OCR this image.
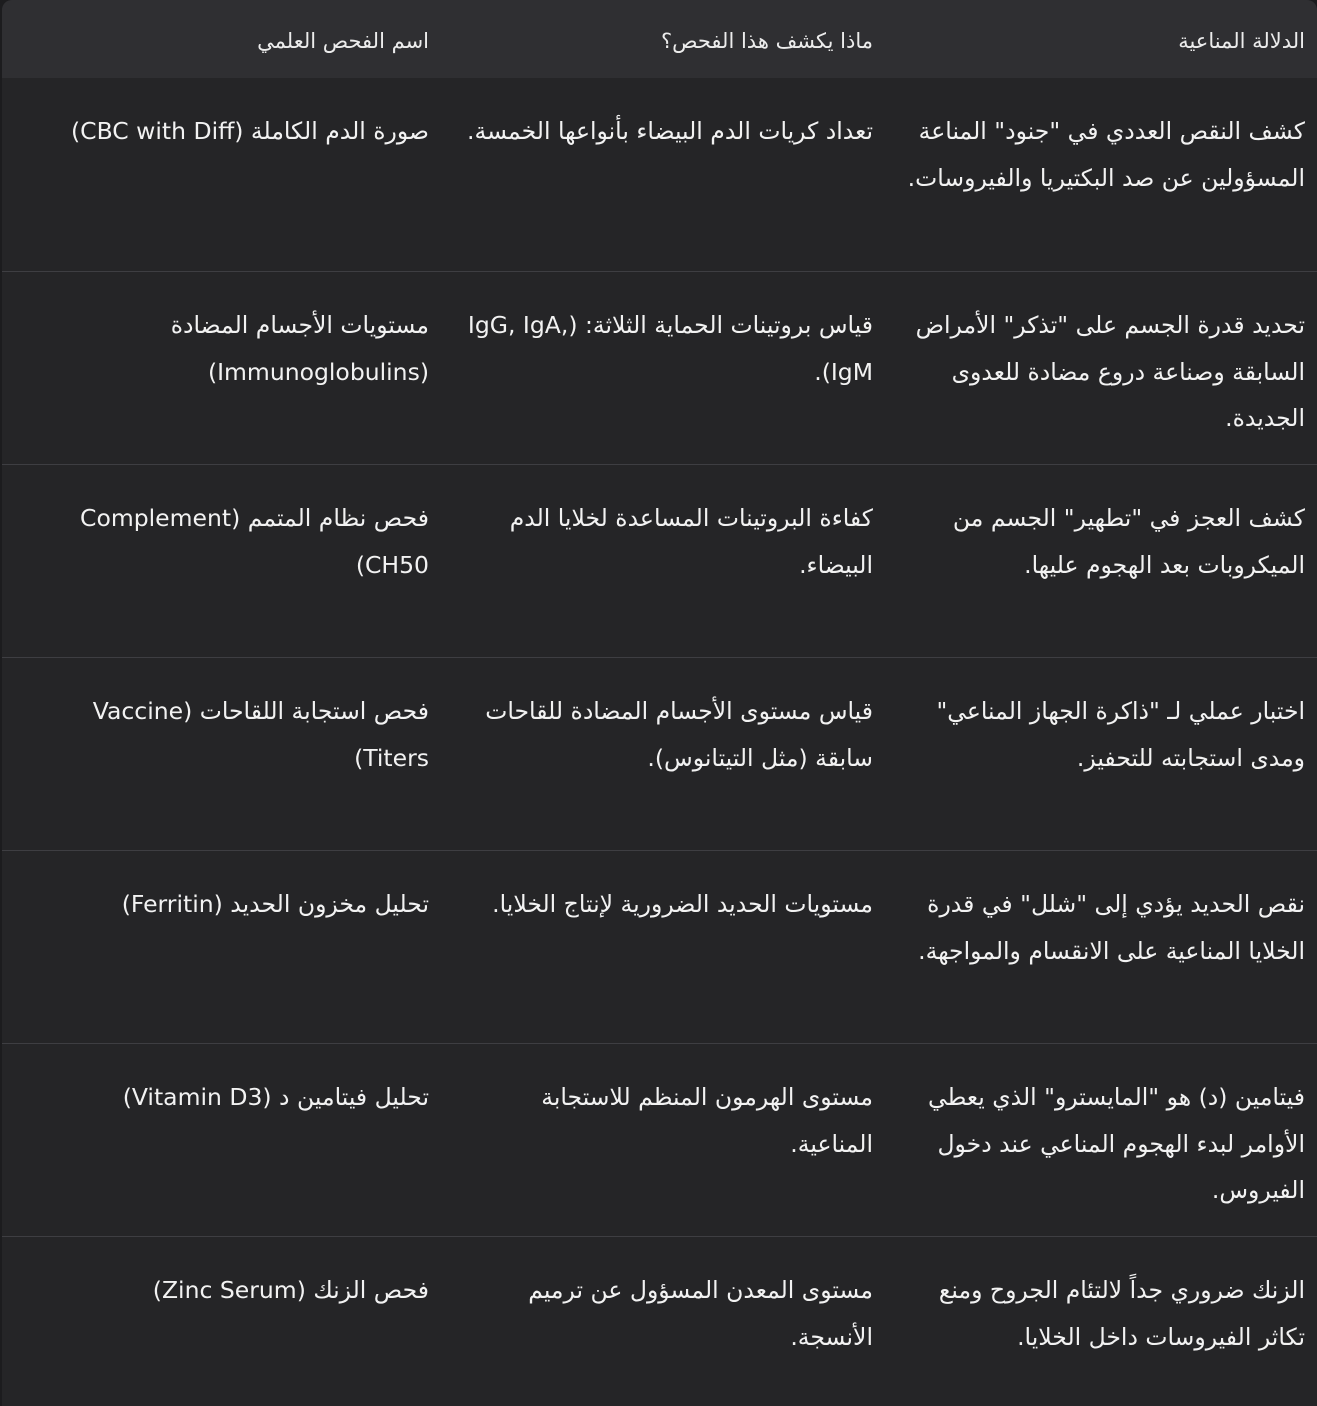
الدلالة المناعية
ماذا يكشف هذا الفحص؟
اسم الفحص العلمي
كشف النقص العددي في "جنود" المناعة المسؤولين عن صد البكتيريا والفيروسات.
تعداد كريات الدم البيضاء بأنواعها الخمسة.
صورة الدم الكاملة (CBC with Diff)
تحديد قدرة الجسم على "تذكر" الأمراض السابقة وصناعة دروع مضادة للعدوى الجديدة.
قياس بروتينات الحماية الثلاثة: (IgG, IgA, IgM).
مستويات الأجسام المضادة (Immunoglobulins)
كشف العجز في "تطهير" الجسم من الميكروبات بعد الهجوم عليها.
كفاءة البروتينات المساعدة لخلايا الدم البيضاء.
فحص نظام المتمم (Complement CH50)
اختبار عملي لـ "ذاكرة الجهاز المناعي" ومدى استجابته للتحفيز.
قياس مستوى الأجسام المضادة للقاحات سابقة (مثل التيتانوس).
فحص استجابة اللقاحات (Vaccine Titers)
نقص الحديد يؤدي إلى "شلل" في قدرة الخلايا المناعية على الانقسام والمواجهة.
مستويات الحديد الضرورية لإنتاج الخلايا.
تحليل مخزون الحديد (Ferritin)
فيتامين (د) هو "المايسترو" الذي يعطي الأوامر لبدء الهجوم المناعي عند دخول الفيروس.
مستوى الهرمون المنظم للاستجابة المناعية.
تحليل فيتامين د (Vitamin D3)
الزنك ضروري جداً لالتئام الجروح ومنع تكاثر الفيروسات داخل الخلايا.
مستوى المعدن المسؤول عن ترميم الأنسجة.
فحص الزنك (Zinc Serum)
